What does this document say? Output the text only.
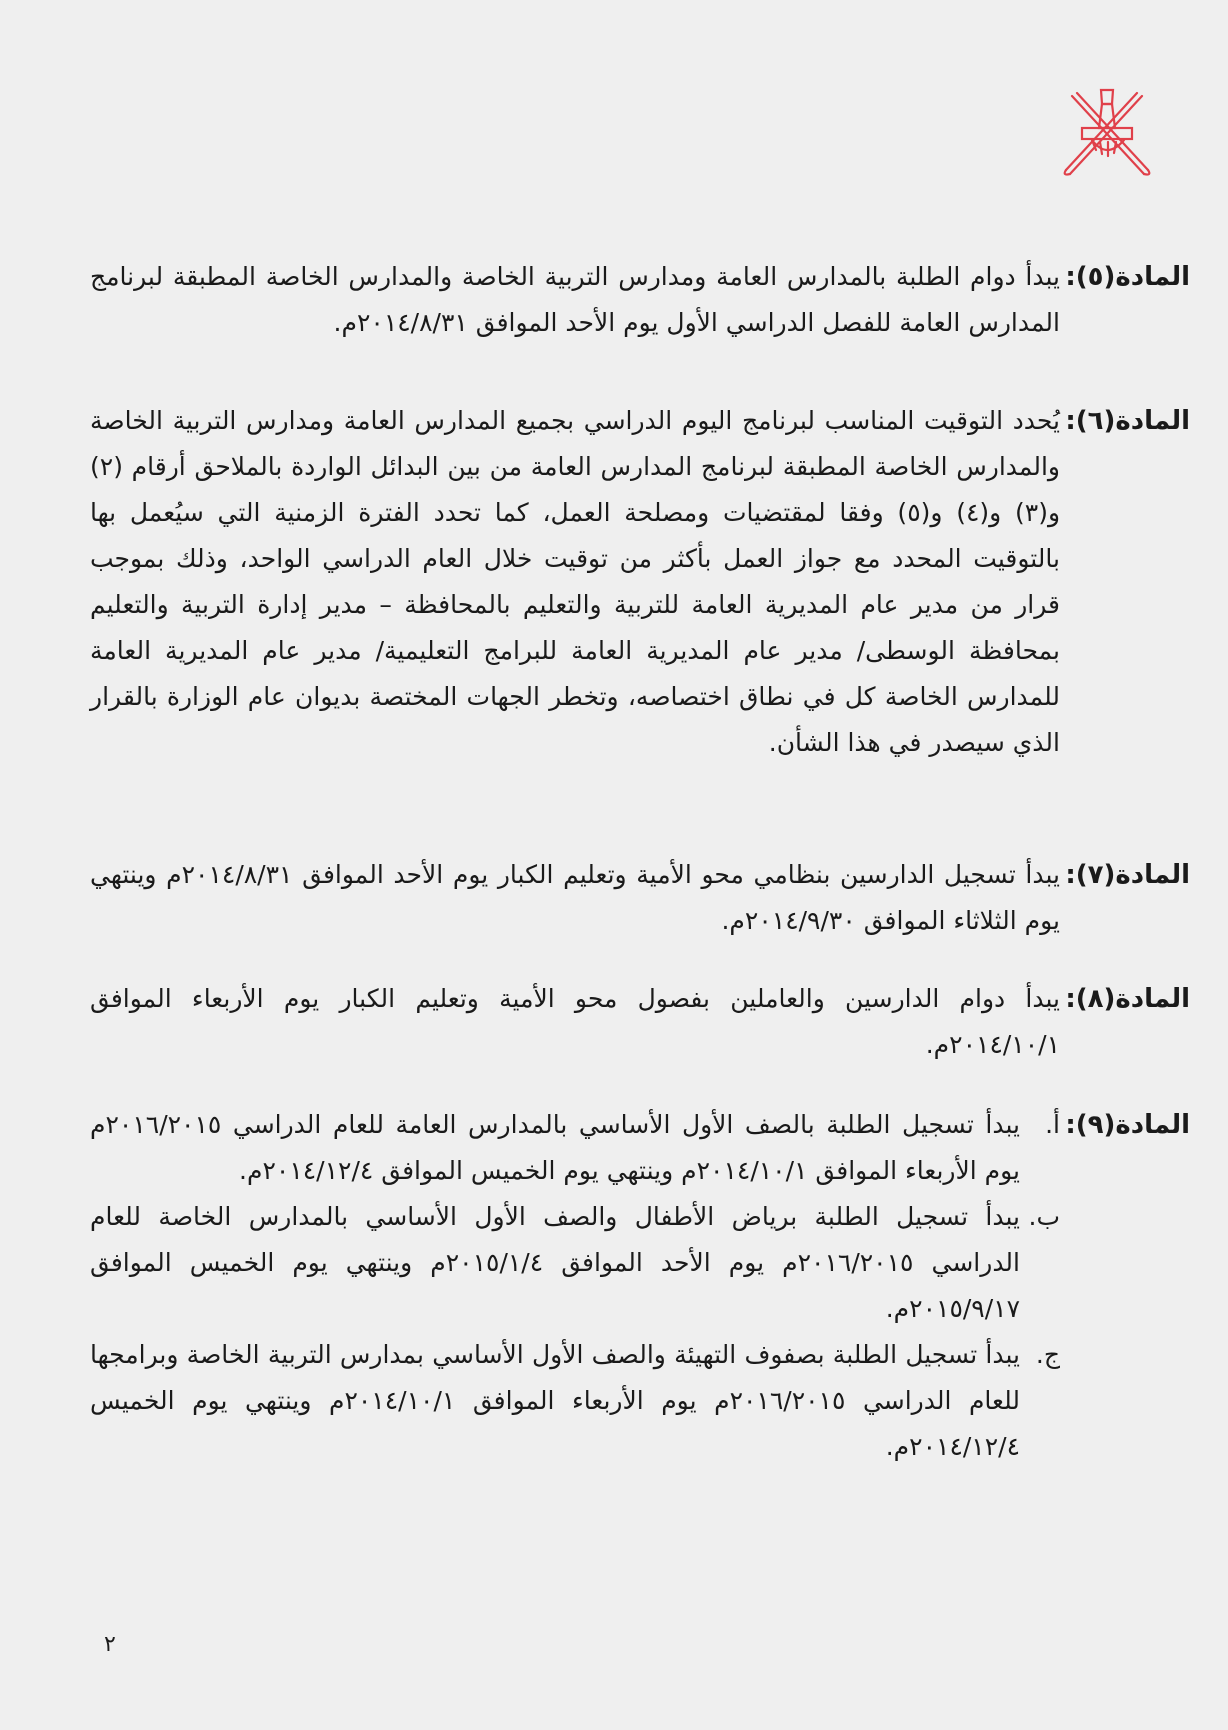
المادة(٥):
يبدأ دوام الطلبة بالمدارس العامة ومدارس التربية الخاصة والمدارس الخاصة المطبقة لبرنامج المدارس العامة للفصل الدراسي الأول يوم الأحد الموافق ٢٠١٤/٨/٣١م.
المادة(٦):
يُحدد التوقيت المناسب لبرنامج اليوم الدراسي بجميع المدارس العامة ومدارس التربية الخاصة والمدارس الخاصة المطبقة لبرنامج المدارس العامة من بين البدائل الواردة بالملاحق أرقام (٢) و(٣) و(٤) و(٥) وفقا لمقتضيات ومصلحة العمل، كما تحدد الفترة الزمنية التي سيُعمل بها بالتوقيت المحدد مع جواز العمل بأكثر من توقيت خلال العام الدراسي الواحد، وذلك بموجب قرار من مدير عام المديرية العامة للتربية والتعليم بالمحافظة – مدير إدارة التربية والتعليم بمحافظة الوسطى/ مدير عام المديرية العامة للبرامج التعليمية/ مدير عام المديرية العامة للمدارس الخاصة كل في نطاق اختصاصه، وتخطر الجهات المختصة بديوان عام الوزارة بالقرار الذي سيصدر في هذا الشأن.
المادة(٧):
يبدأ تسجيل الدارسين بنظامي محو الأمية وتعليم الكبار يوم الأحد الموافق ٢٠١٤/٨/٣١م وينتهي يوم الثلاثاء الموافق ٢٠١٤/٩/٣٠م.
المادة(٨):
يبدأ دوام الدارسين والعاملين بفصول محو الأمية وتعليم الكبار يوم الأربعاء الموافق ٢٠١٤/١٠/١م.
المادة(٩):
أ.
يبدأ تسجيل الطلبة بالصف الأول الأساسي بالمدارس العامة للعام الدراسي ٢٠١٦/٢٠١٥م يوم الأربعاء الموافق ٢٠١٤/١٠/١م وينتهي يوم الخميس الموافق ٢٠١٤/١٢/٤م.
ب.
يبدأ تسجيل الطلبة برياض الأطفال والصف الأول الأساسي بالمدارس الخاصة للعام الدراسي ٢٠١٦/٢٠١٥م يوم الأحد الموافق ٢٠١٥/١/٤م وينتهي يوم الخميس الموافق ٢٠١٥/٩/١٧م.
ج.
يبدأ تسجيل الطلبة بصفوف التهيئة والصف الأول الأساسي بمدارس التربية الخاصة وبرامجها للعام الدراسي ٢٠١٦/٢٠١٥م يوم الأربعاء الموافق ٢٠١٤/١٠/١م وينتهي يوم الخميس ٢٠١٤/١٢/٤م.
٢
